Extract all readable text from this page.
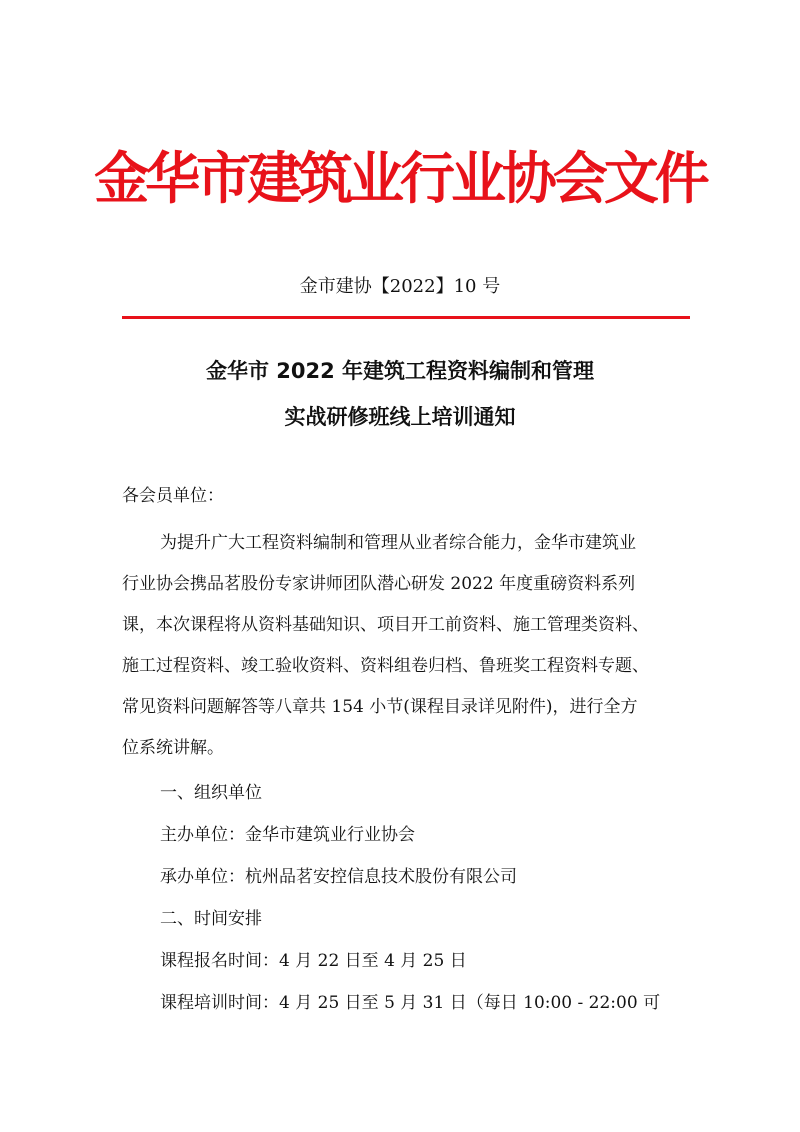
金华市建筑业行业协会文件
金市建协【2022】10 号
金华市 2022 年建筑工程资料编制和管理
实战研修班线上培训通知
各会员单位：
为提升广大工程资料编制和管理从业者综合能力，金华市建筑业
行业协会携品茗股份专家讲师团队潜心研发 2022 年度重磅资料系列
课，本次课程将从资料基础知识、项目开工前资料、施工管理类资料、
施工过程资料、竣工验收资料、资料组卷归档、鲁班奖工程资料专题、
常见资料问题解答等八章共 154 小节(课程目录详见附件)，进行全方
位系统讲解。
一、组织单位
主办单位：金华市建筑业行业协会
承办单位：杭州品茗安控信息技术股份有限公司
二、时间安排
课程报名时间：4 月 22 日至 4 月 25 日
课程培训时间：4 月 25 日至 5 月 31 日（每日 10:00 - 22:00 可
